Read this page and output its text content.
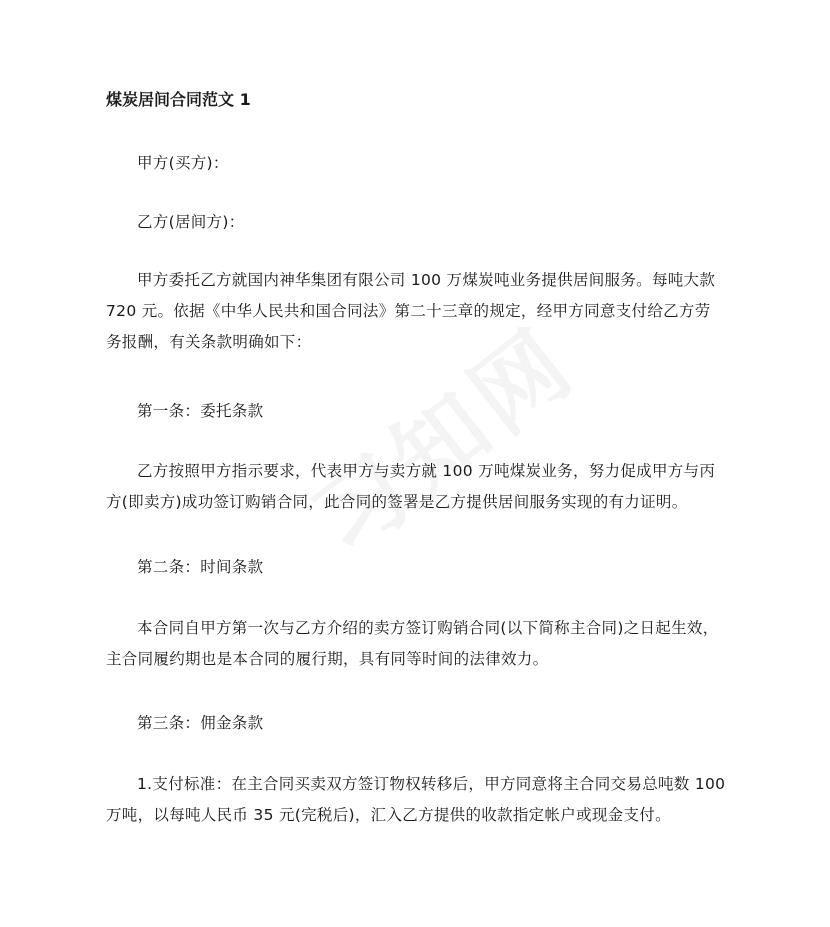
煤炭居间合同范文 1
甲方(买方)：
乙方(居间方)：
甲方委托乙方就国内神华集团有限公司 100 万煤炭吨业务提供居间服务。每吨大款 720 元。依据《中华人民共和国合同法》第二十三章的规定，经甲方同意支付给乙方劳务报酬，有关条款明确如下：
第一条：委托条款
乙方按照甲方指示要求，代表甲方与卖方就 100 万吨煤炭业务，努力促成甲方与丙方(即卖方)成功签订购销合同，此合同的签署是乙方提供居间服务实现的有力证明。
第二条：时间条款
本合同自甲方第一次与乙方介绍的卖方签订购销合同(以下简称主合同)之日起生效，主合同履约期也是本合同的履行期，具有同等时间的法律效力。
第三条：佣金条款
1.支付标准：在主合同买卖双方签订物权转移后，甲方同意将主合同交易总吨数 100 万吨，以每吨人民币 35 元(完税后)，汇入乙方提供的收款指定帐户或现金支付。
